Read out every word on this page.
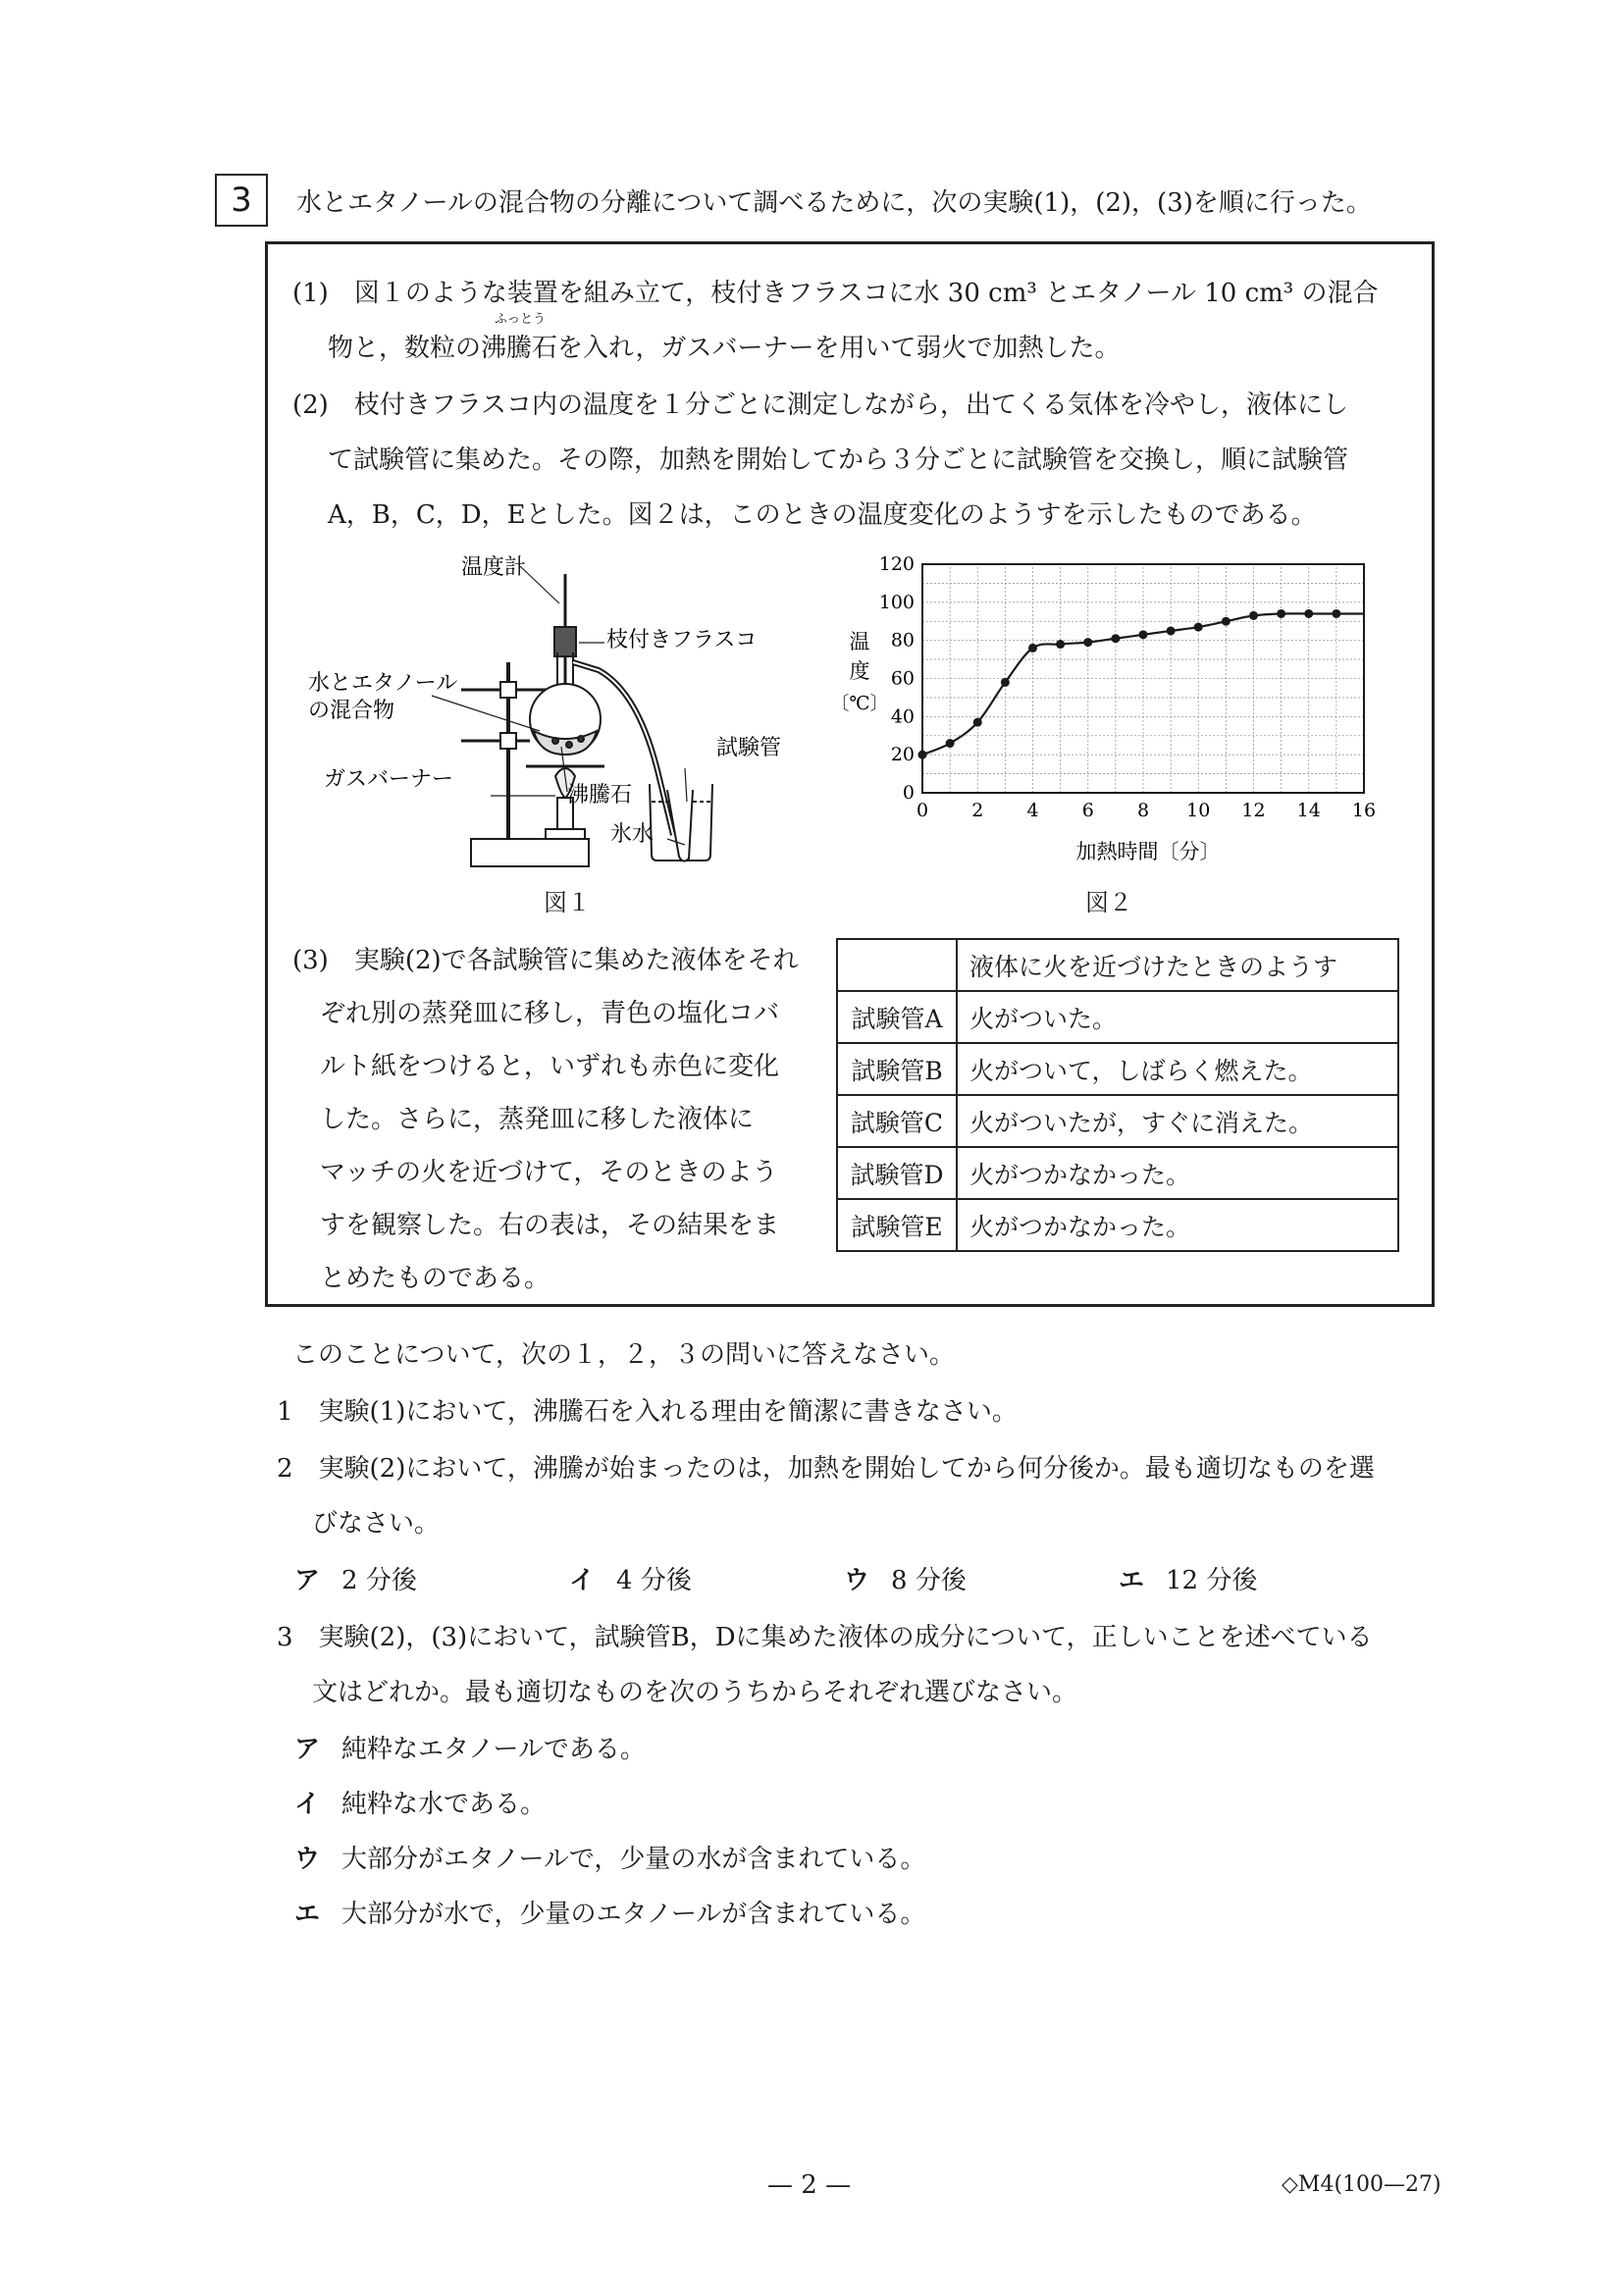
3	水とエタノールの混合物の分離について調べるために，次の実験(1)，(2)，(3)を順に行った。
(1)　図１のような装置を組み立て，枝付きフラスコに水 30 cm³ とエタノール 10 cm³ の混合
ふっとう
物と，数粒の沸騰石を入れ，ガスバーナーを用いて弱火で加熱した。
(2)　枝付きフラスコ内の温度を１分ごとに測定しながら，出てくる気体を冷やし，液体にし
て試験管に集めた。その際，加熱を開始してから３分ごとに試験管を交換し，順に試験管
A，B，C，D，Eとした。図２は，このときの温度変化のようすを示したものである。
温度計
枝付きフラスコ
水とエタノール
の混合物
試験管
ガスバーナー
沸騰石
氷水
図１
0 2 4 6 8 10 12 14 16
0
20
40
60
80
100
120
温
度
〔℃〕
加熱時間〔分〕
図２
(3)　実験(2)で各試験管に集めた液体をそれ
ぞれ別の蒸発皿に移し，青色の塩化コバ
ルト紙をつけると，いずれも赤色に変化
した。さらに，蒸発皿に移した液体に
マッチの火を近づけて，そのときのよう
すを観察した。右の表は，その結果をま
とめたものである。
	液体に火を近づけたときのようす
試験管A	火がついた。
試験管B	火がついて，しばらく燃えた。
試験管C	火がついたが，すぐに消えた。
試験管D	火がつかなかった。
試験管E	火がつかなかった。
このことについて，次の１，２，３の問いに答えなさい。
1　実験(1)において，沸騰石を入れる理由を簡潔に書きなさい。
2　実験(2)において，沸騰が始まったのは，加熱を開始してから何分後か。最も適切なものを選
びなさい。
ア 2 分後	イ 4 分後	ウ 8 分後	エ 12 分後
3　実験(2)，(3)において，試験管B，Dに集めた液体の成分について，正しいことを述べている
文はどれか。最も適切なものを次のうちからそれぞれ選びなさい。
ア 純粋なエタノールである。
イ 純粋な水である。
ウ 大部分がエタノールで，少量の水が含まれている。
エ 大部分が水で，少量のエタノールが含まれている。
— 2 —	◇M4(100—27)
